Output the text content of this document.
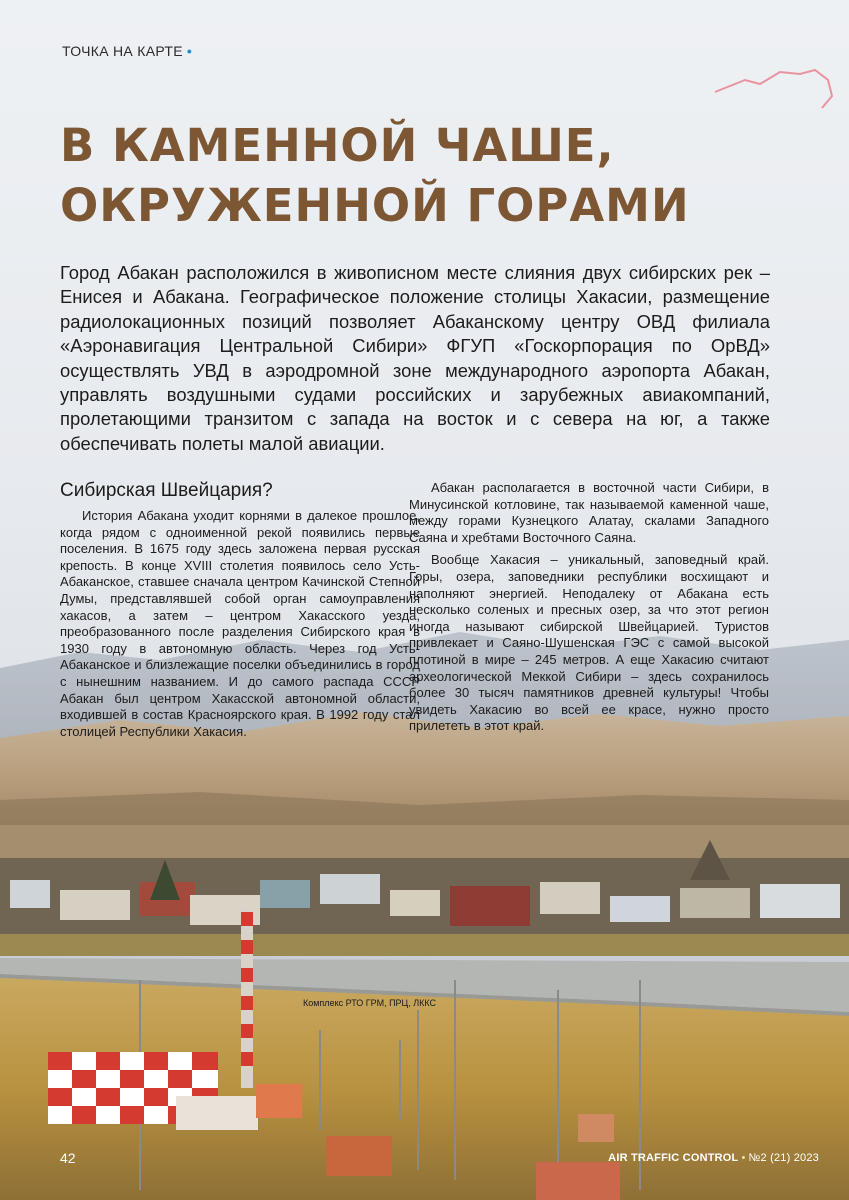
ТОЧКА НА КАРТЕ •
В КАМЕННОЙ ЧАШЕ, ОКРУЖЕННОЙ ГОРАМИ

Город Абакан расположился в живописном месте слияния двух сибирских рек – Енисея и Абакана. Географическое положение столицы Хакасии, размещение радиолокационных позиций позволяет Абаканскому центру ОВД филиала «Аэронавигация Центральной Сибири» ФГУП «Госкорпорация по ОрВД» осуществлять УВД в аэродромной зоне международного аэропорта Абакан, управлять воздушными судами российских и зарубежных авиакомпаний, пролетающими транзитом с запада на восток и с севера на юг, а также обеспечивать полеты малой авиации.

Сибирская Швейцария?

История Абакана уходит корнями в далекое прошлое, когда рядом с одноименной рекой появились первые поселения. В 1675 году здесь заложена первая русская крепость. В конце XVIII столетия появилось село Усть-Абаканское, ставшее сначала центром Качинской Степной Думы, представлявшей собой орган самоуправления хакасов, а затем – центром Хакасского уезда, преобразованного после разделения Сибирского края в 1930 году в автономную область. Через год Усть-Абаканское и близлежащие поселки объединились в город с нынешним названием. И до самого распада СССР Абакан был центром Хакасской автономной области, входившей в состав Красноярского края. В 1992 году стал столицей Республики Хакасия.

Абакан располагается в восточной части Сибири, в Минусинской котловине, так называемой каменной чаше, между горами Кузнецкого Алатау, скалами Западного Саяна и хребтами Восточного Саяна.

Вообще Хакасия – уникальный, заповедный край. Горы, озера, заповедники республики восхищают и наполняют энергией. Неподалеку от Абакана есть несколько соленых и пресных озер, за что этот регион иногда называют сибирской Швейцарией. Туристов привлекает и Саяно-Шушенская ГЭС с самой высокой плотиной в мире – 245 метров. А еще Хакасию считают археологической Меккой Сибири – здесь сохранилось более 30 тысяч памятников древней культуры! Чтобы увидеть Хакасию во всей ее красе, нужно просто прилететь в этот край.

Комплекс РТО ГРМ, ПРЦ, ЛККС
42	AIR TRAFFIC CONTROL • №2 (21) 2023
